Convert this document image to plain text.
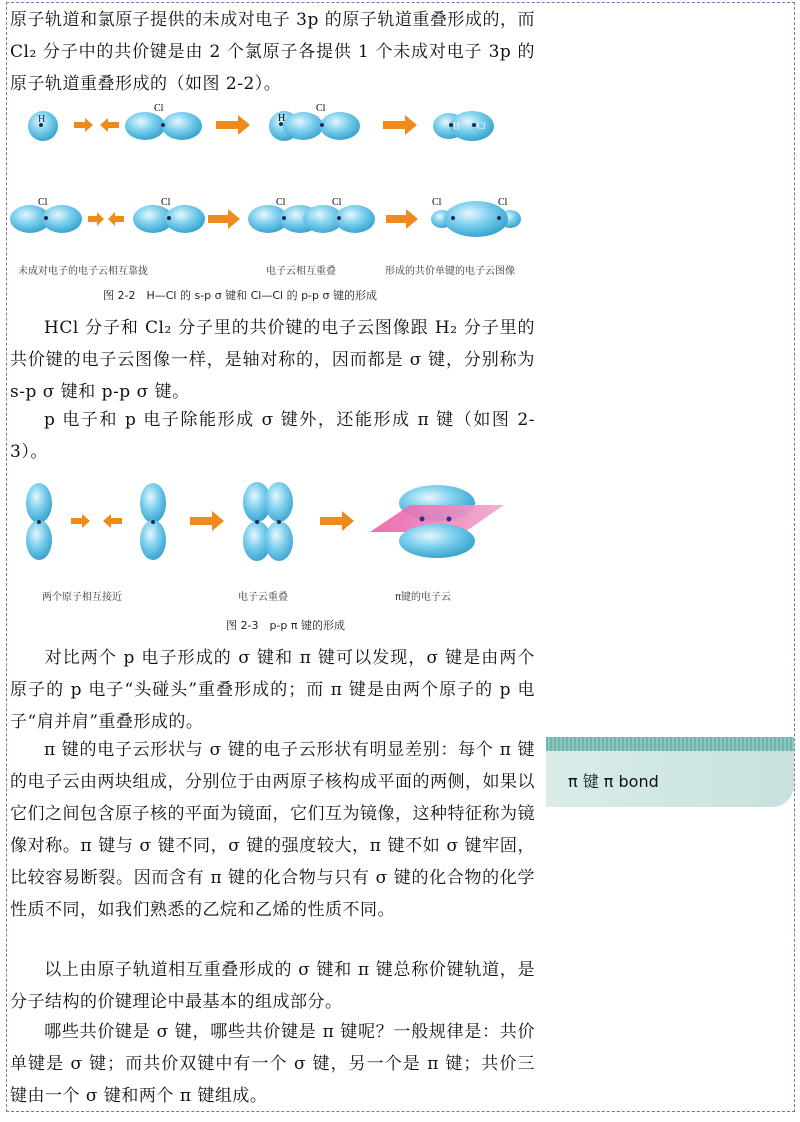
原子轨道和氯原子提供的未成对电子 3p 的原子轨道重叠形成的，而 Cl₂ 分子中的共价键是由 2 个氯原子各提供 1 个未成对电子 3p 的原子轨道重叠形成的（如图 2-2）。

H
Cl
H
Cl
H Cl
Cl	Cl	Cl	Cl	Cl	Cl
未成对电子的电子云相互靠拢	电子云相互重叠	形成的共价单键的电子云图像
图 2-2　H—Cl 的 s-p σ 键和 Cl—Cl 的 p-p σ 键的形成

HCl 分子和 Cl₂ 分子里的共价键的电子云图像跟 H₂ 分子里的共价键的电子云图像一样，是轴对称的，因而都是 σ 键，分别称为 s-p σ 键和 p-p σ 键。

p 电子和 p 电子除能形成 σ 键外，还能形成 π 键（如图 2-3）。

两个原子相互接近	电子云重叠	π键的电子云
图 2-3　p-p π 键的形成

对比两个 p 电子形成的 σ 键和 π 键可以发现，σ 键是由两个原子的 p 电子“头碰头”重叠形成的；而 π 键是由两个原子的 p 电子“肩并肩”重叠形成的。

π 键的电子云形状与 σ 键的电子云形状有明显差别：每个 π 键的电子云由两块组成，分别位于由两原子核构成平面的两侧，如果以它们之间包含原子核的平面为镜面，它们互为镜像，这种特征称为镜像对称。π 键与 σ 键不同，σ 键的强度较大，π 键不如 σ 键牢固，比较容易断裂。因而含有 π 键的化合物与只有 σ 键的化合物的化学性质不同，如我们熟悉的乙烷和乙烯的性质不同。

以上由原子轨道相互重叠形成的 σ 键和 π 键总称价键轨道，是分子结构的价键理论中最基本的组成部分。

哪些共价键是 σ 键，哪些共价键是 π 键呢？一般规律是：共价单键是 σ 键；而共价双键中有一个 σ 键，另一个是 π 键；共价三键由一个 σ 键和两个 π 键组成。

π 键 π bond
